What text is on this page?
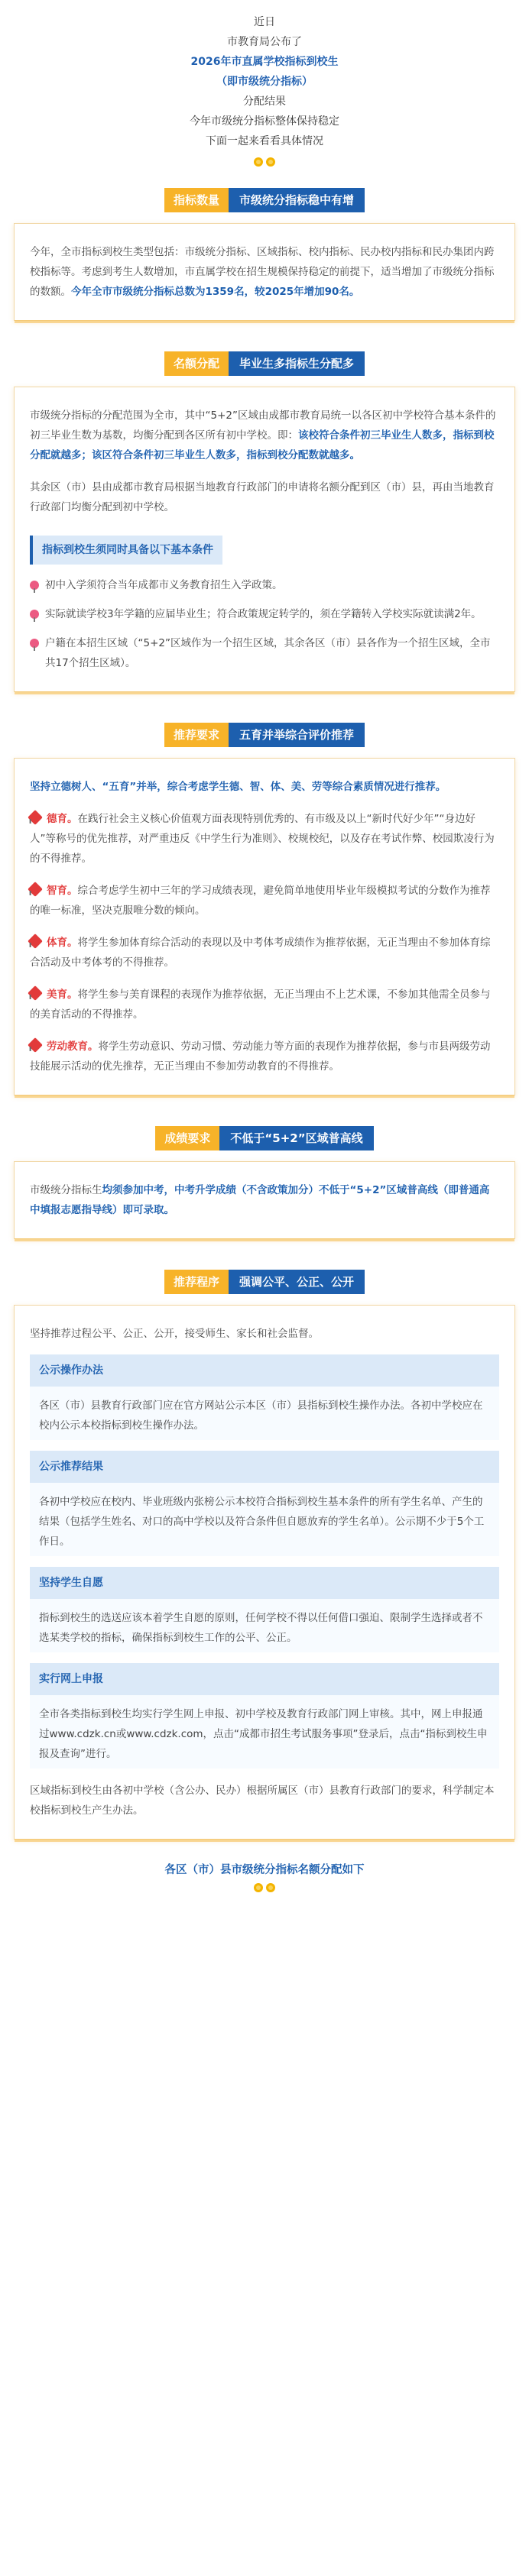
近日
市教育局公布了
2026年市直属学校指标到校生
（即市级统分指标）
分配结果
今年市级统分指标整体保持稳定
下面一起来看看具体情况
指标数量	市级统分指标稳中有增

今年，全市指标到校生类型包括：市级统分指标、区域指标、校内指标、民办校内指标和民办集团内跨校指标等。考虑到考生人数增加，市直属学校在招生规模保持稳定的前提下，适当增加了市级统分指标的数额。今年全市市级统分指标总数为1359名，较2025年增加90名。

名额分配	毕业生多指标生分配多

市级统分指标的分配范围为全市，其中“5+2”区域由成都市教育局统一以各区初中学校符合基本条件的初三毕业生数为基数，均衡分配到各区所有初中学校。即：该校符合条件初三毕业生人数多，指标到校分配就越多；该区符合条件初三毕业生人数多，指标到校分配数就越多。

其余区（市）县由成都市教育局根据当地教育行政部门的申请将名额分配到区（市）县，再由当地教育行政部门均衡分配到初中学校。

指标到校生须同时具备以下基本条件
初中入学须符合当年成都市义务教育招生入学政策。
实际就读学校3年学籍的应届毕业生；符合政策规定转学的，须在学籍转入学校实际就读满2年。
户籍在本招生区域（“5+2”区域作为一个招生区域，其余各区（市）县各作为一个招生区域，全市共17个招生区域）。
推荐要求	五育并举综合评价推荐

坚持立德树人、“五育”并举，综合考虑学生德、智、体、美、劳等综合素质情况进行推荐。

德育。在践行社会主义核心价值观方面表现特别优秀的、有市级及以上“新时代好少年”“身边好人”等称号的优先推荐，对严重违反《中学生行为准则》、校规校纪，以及存在考试作弊、校园欺凌行为的不得推荐。

智育。综合考虑学生初中三年的学习成绩表现，避免简单地使用毕业年级模拟考试的分数作为推荐的唯一标准，坚决克服唯分数的倾向。

体育。将学生参加体育综合活动的表现以及中考体考成绩作为推荐依据，无正当理由不参加体育综合活动及中考体考的不得推荐。

美育。将学生参与美育课程的表现作为推荐依据，无正当理由不上艺术课，不参加其他需全员参与的美育活动的不得推荐。

劳动教育。将学生劳动意识、劳动习惯、劳动能力等方面的表现作为推荐依据，参与市县两级劳动技能展示活动的优先推荐，无正当理由不参加劳动教育的不得推荐。

成绩要求	不低于“5+2”区域普高线

市级统分指标生均须参加中考，中考升学成绩（不含政策加分）不低于“5+2”区域普高线（即普通高中填报志愿指导线）即可录取。

推荐程序	强调公平、公正、公开

坚持推荐过程公平、公正、公开，接受师生、家长和社会监督。

公示操作办法
各区（市）县教育行政部门应在官方网站公示本区（市）县指标到校生操作办法。各初中学校应在校内公示本校指标到校生操作办法。
公示推荐结果
各初中学校应在校内、毕业班级内张榜公示本校符合指标到校生基本条件的所有学生名单、产生的结果（包括学生姓名、对口的高中学校以及符合条件但自愿放弃的学生名单）。公示期不少于5个工作日。
坚持学生自愿
指标到校生的选送应该本着学生自愿的原则，任何学校不得以任何借口强迫、限制学生选择或者不选某类学校的指标，确保指标到校生工作的公平、公正。
实行网上申报
全市各类指标到校生均实行学生网上申报、初中学校及教育行政部门网上审核。其中，网上申报通过www.cdzk.cn或www.cdzk.com，点击“成都市招生考试服务事项”登录后，点击“指标到校生申报及查询”进行。

区域指标到校生由各初中学校（含公办、民办）根据所属区（市）县教育行政部门的要求，科学制定本校指标到校生产生办法。

各区（市）县市级统分指标名额分配如下
